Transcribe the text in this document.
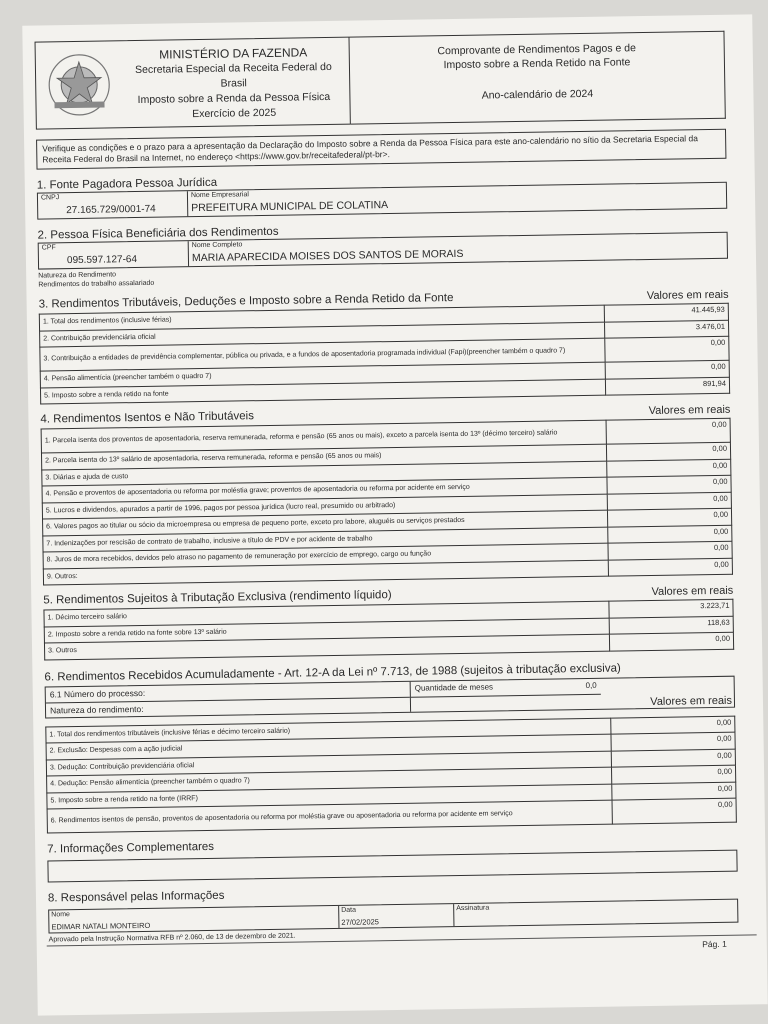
MINISTÉRIO DA FAZENDA
Secretaria Especial da Receita Federal do Brasil
Imposto sobre a Renda da Pessoa Física
Exercício de 2025
Comprovante de Rendimentos Pagos e de
Imposto sobre a Renda Retido na Fonte
Ano-calendário de 2024
Verifique as condições e o prazo para a apresentação da Declaração do Imposto sobre a Renda da Pessoa Física para este ano-calendário no sítio da Secretaria Especial da Receita Federal do Brasil na Internet, no endereço <https://www.gov.br/receitafederal/pt-br>.
1. Fonte Pagadora Pessoa Jurídica
CNPJ
27.165.729/0001-74
Nome Empresarial
PREFEITURA MUNICIPAL DE COLATINA
2. Pessoa Física Beneficiária dos Rendimentos
CPF
095.597.127-64
Nome Completo
MARIA APARECIDA MOISES DOS SANTOS DE MORAIS
Natureza do Rendimento
Rendimentos do trabalho assalariado
3. Rendimentos Tributáveis, Deduções e Imposto sobre a Renda Retido da Fonte	Valores em reais
1. Total dos rendimentos (inclusive férias)	41.445,93
2. Contribuição previdenciária oficial	3.476,01
3. Contribuição a entidades de previdência complementar, pública ou privada, e a fundos de aposentadoria programada individual (Fapi)(preencher também o quadro 7)	0,00
4. Pensão alimentícia (preencher também o quadro 7)	0,00
5. Imposto sobre a renda retido na fonte	891,94
4. Rendimentos Isentos e Não Tributáveis	Valores em reais
1. Parcela isenta dos proventos de aposentadoria, reserva remunerada, reforma e pensão (65 anos ou mais), exceto a parcela isenta do 13º (décimo terceiro) salário	0,00
2. Parcela isenta do 13º salário de aposentadoria, reserva remunerada, reforma e pensão (65 anos ou mais)	0,00
3. Diárias e ajuda de custo	0,00
4. Pensão e proventos de aposentadoria ou reforma por moléstia grave; proventos de aposentadoria ou reforma por acidente em serviço	0,00
5. Lucros e dividendos, apurados a partir de 1996, pagos por pessoa jurídica (lucro real, presumido ou arbitrado)	0,00
6. Valores pagos ao titular ou sócio da microempresa ou empresa de pequeno porte, exceto pro labore, aluguéis ou serviços prestados	0,00
7. Indenizações por rescisão de contrato de trabalho, inclusive a título de PDV e por acidente de trabalho	0,00
8. Juros de mora recebidos, devidos pelo atraso no pagamento de remuneração por exercício de emprego, cargo ou função	0,00
9. Outros:	0,00
5. Rendimentos Sujeitos à Tributação Exclusiva (rendimento líquido)	Valores em reais
1. Décimo terceiro salário	3.223,71
2. Imposto sobre a renda retido na fonte sobre 13º salário	118,63
3. Outros	0,00
6. Rendimentos Recebidos Acumuladamente - Art. 12-A da Lei nº 7.713, de 1988 (sujeitos à tributação exclusiva)
6.1 Número do processo:
Natureza do rendimento:
Quantidade de meses	0,0
Valores em reais
1. Total dos rendimentos tributáveis (inclusive férias e décimo terceiro salário)	0,00
2. Exclusão: Despesas com a ação judicial	0,00
3. Dedução: Contribuição previdenciária oficial	0,00
4. Dedução: Pensão alimentícia (preencher também o quadro 7)	0,00
5. Imposto sobre a renda retido na fonte (IRRF)	0,00
6. Rendimentos isentos de pensão, proventos de aposentadoria ou reforma por moléstia grave ou aposentadoria ou reforma por acidente em serviço	0,00
7. Informações Complementares
8. Responsável pelas Informações
Nome
EDIMAR NATALI MONTEIRO
Data
27/02/2025
Assinatura
Aprovado pela Instrução Normativa RFB nº 2.060, de 13 de dezembro de 2021.
Pág. 1
